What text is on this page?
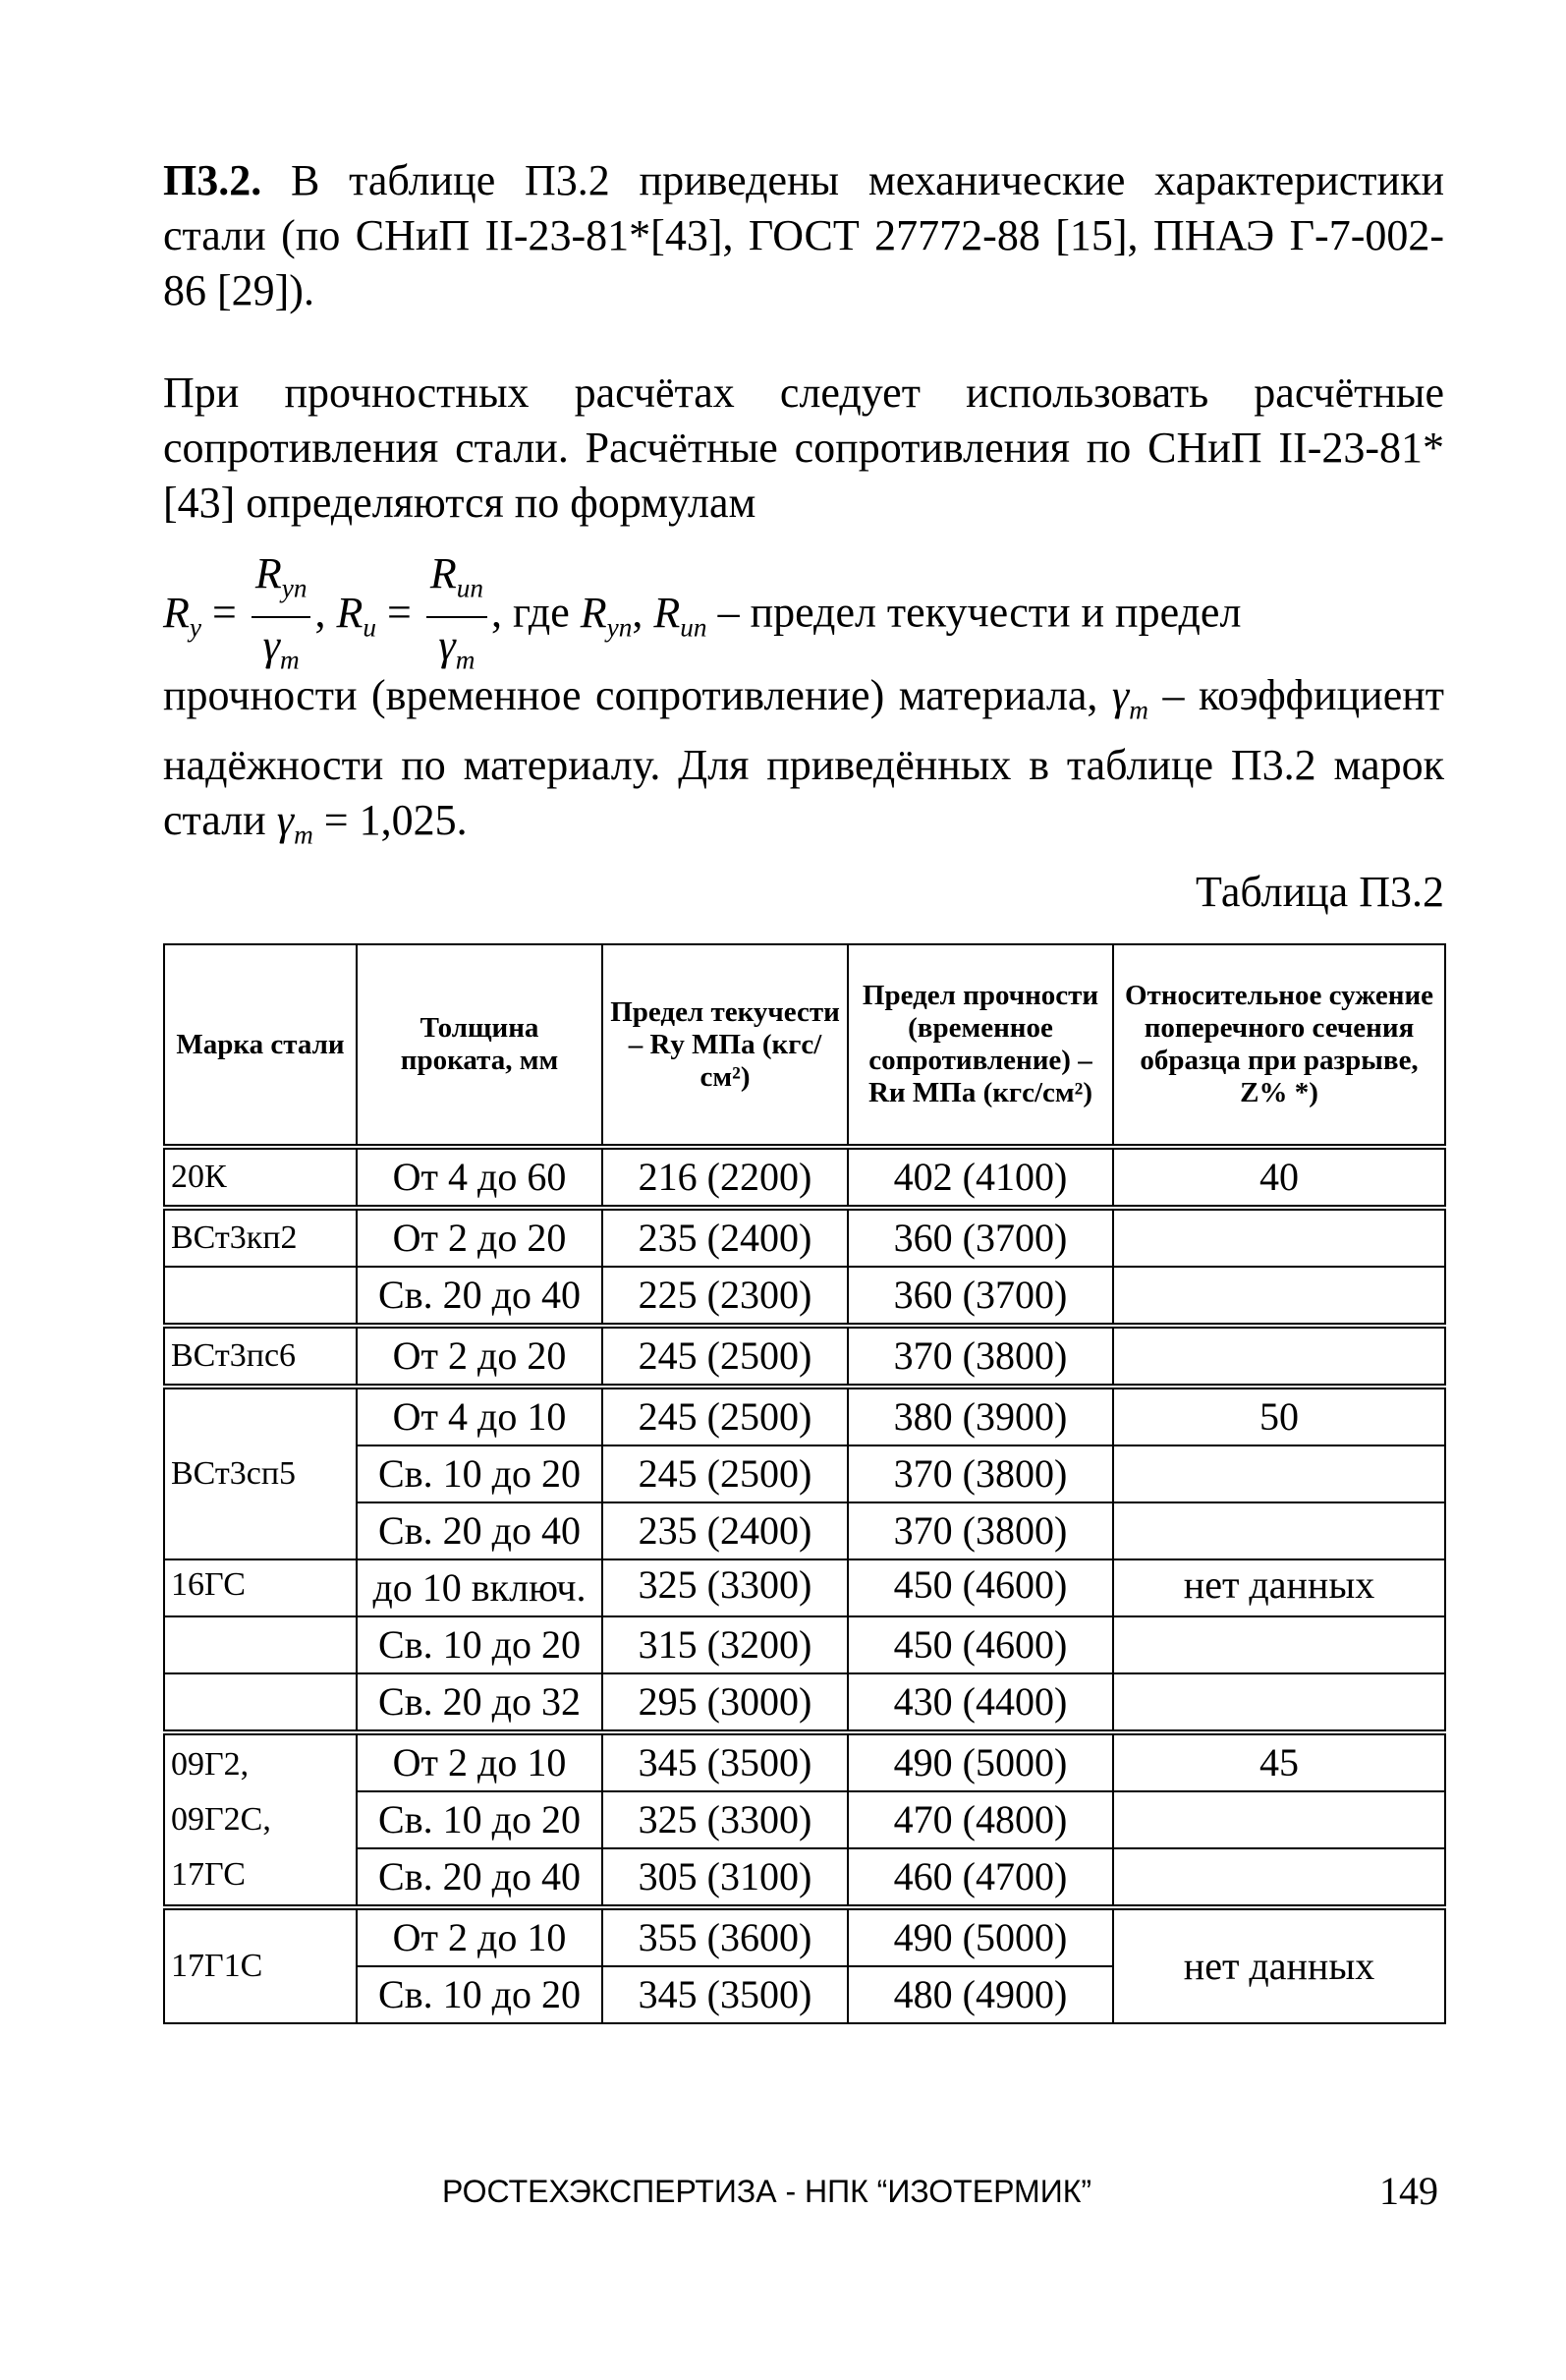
П3.2. В таблице П3.2 приведены механические характеристики стали (по СНиП II-23-81*[43], ГОСТ 27772-88 [15], ПНАЭ Г-7-002-86 [29]).
При прочностных расчётах следует использовать расчётные сопротивления стали. Расчётные сопротивления по СНиП II-23-81* [43] определяются по формулам
$R_y = \frac{R_{yn}}{\gamma_m}$ , $R_u = \frac{R_{un}}{\gamma_m}$ , где $R_{yn}$, $R_{un}$ – предел текучести и предел
прочности (временное сопротивление) материала, $\gamma_m$ – коэффициент надёжности по материалу. Для приведённых в таблице П3.2 марок стали $\gamma_m = 1,025$.
Таблица П3.2
Марка стали	Толщина проката, мм	Предел текучести – Rу МПа (кгс/см²)	Предел прочности (временное сопротивление) – Rи МПа (кгс/см²)	Относительное сужение поперечного сечения образца при разрыве, Z% *)
20К	От 4 до 60	216 (2200)	402 (4100)	40
ВСт3кп2	От 2 до 20	235 (2400)	360 (3700)	
	Св. 20 до 40	225 (2300)	360 (3700)	
ВСт3пс6	От 2 до 20	245 (2500)	370 (3800)	
ВСт3сп5	От 4 до 10	245 (2500)	380 (3900)	50
	Св. 10 до 20	245 (2500)	370 (3800)	
	Св. 20 до 40	235 (2400)	370 (3800)	
16ГС	до 10 включ.	325 (3300)	450 (4600)	нет данных
	Св. 10 до 20	315 (3200)	450 (4600)	
	Св. 20 до 32	295 (3000)	430 (4400)	
09Г2, 09Г2С, 17ГС	От 2 до 10	345 (3500)	490 (5000)	45
	Св. 10 до 20	325 (3300)	470 (4800)	
	Св. 20 до 40	305 (3100)	460 (4700)	
17Г1С	От 2 до 10	355 (3600)	490 (5000)	нет данных
	Св. 10 до 20	345 (3500)	480 (4900)	
РОСТЕХЭКСПЕРТИЗА - НПК “ИЗОТЕРМИК”	149
